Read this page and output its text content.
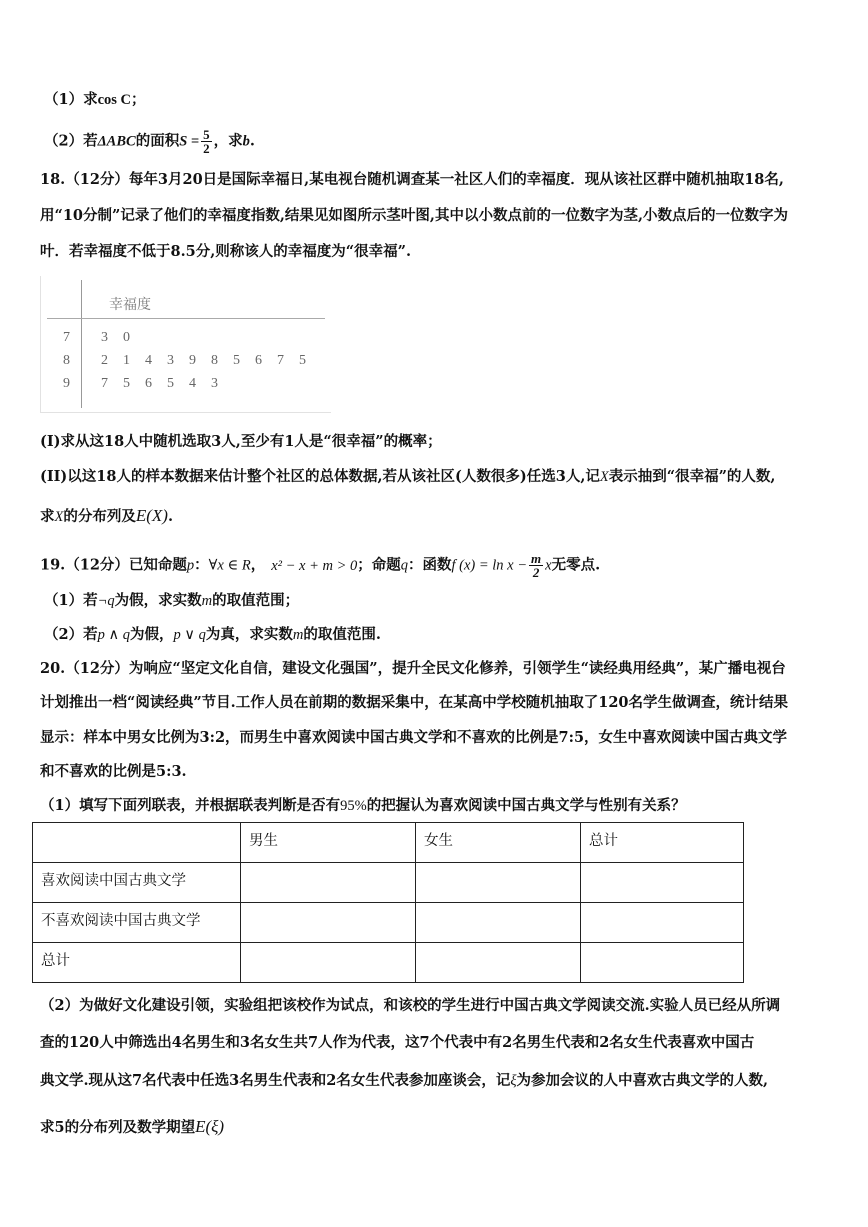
（1）求cos C；
（2）若ΔABC的面积$S = \frac{5}{2}$ ，求b.
18.（12分）每年3月20日是国际幸福日,某电视台随机调查某一社区人们的幸福度．现从该社区群中随机抽取18名,
用“10分制”记录了他们的幸福度指数,结果见如图所示茎叶图,其中以小数点前的一位数字为茎,小数点后的一位数字为
叶．若幸福度不低于8.5分,则称该人的幸福度为“很幸福”.
幸福度
7 3 0
8 2 1 4 3 9 8 5 6 7 5
9 7 5 6 5 4 3
(I)求从这18人中随机选取3人,至少有1人是“很幸福”的概率；
(II)以这18人的样本数据来估计整个社区的总体数据,若从该社区(人数很多)任选3人,记X表示抽到“很幸福”的人数,
求X的分布列及E(X).
19.（12分）已知命题p：∀x ∈ R， x² − x + m > 0；命题q：函数f $(x) = \ln x - \frac{m}{2}$ x无零点.
（1）若¬q为假，求实数m的取值范围；
（2）若p ∧ q为假，p ∨ q为真，求实数m的取值范围.
20.（12分）为响应“坚定文化自信，建设文化强国”，提升全民文化修养，引领学生“读经典用经典”，某广播电视台
计划推出一档“阅读经典”节目.工作人员在前期的数据采集中，在某高中学校随机抽取了120名学生做调查，统计结果
显示：样本中男女比例为3:2，而男生中喜欢阅读中国古典文学和不喜欢的比例是7:5，女生中喜欢阅读中国古典文学
和不喜欢的比例是5:3.
（1）填写下面列联表，并根据联表判断是否有95%的把握认为喜欢阅读中国古典文学与性别有关系？
	男生	女生	总计
喜欢阅读中国古典文学			
不喜欢阅读中国古典文学			
总计			
（2）为做好文化建设引领，实验组把该校作为试点，和该校的学生进行中国古典文学阅读交流.实验人员已经从所调
查的120人中筛选出4名男生和3名女生共7人作为代表，这7个代表中有2名男生代表和2名女生代表喜欢中国古
典文学.现从这7名代表中任选3名男生代表和2名女生代表参加座谈会，记ξ为参加会议的人中喜欢古典文学的人数,
求5的分布列及数学期望E(ξ)
